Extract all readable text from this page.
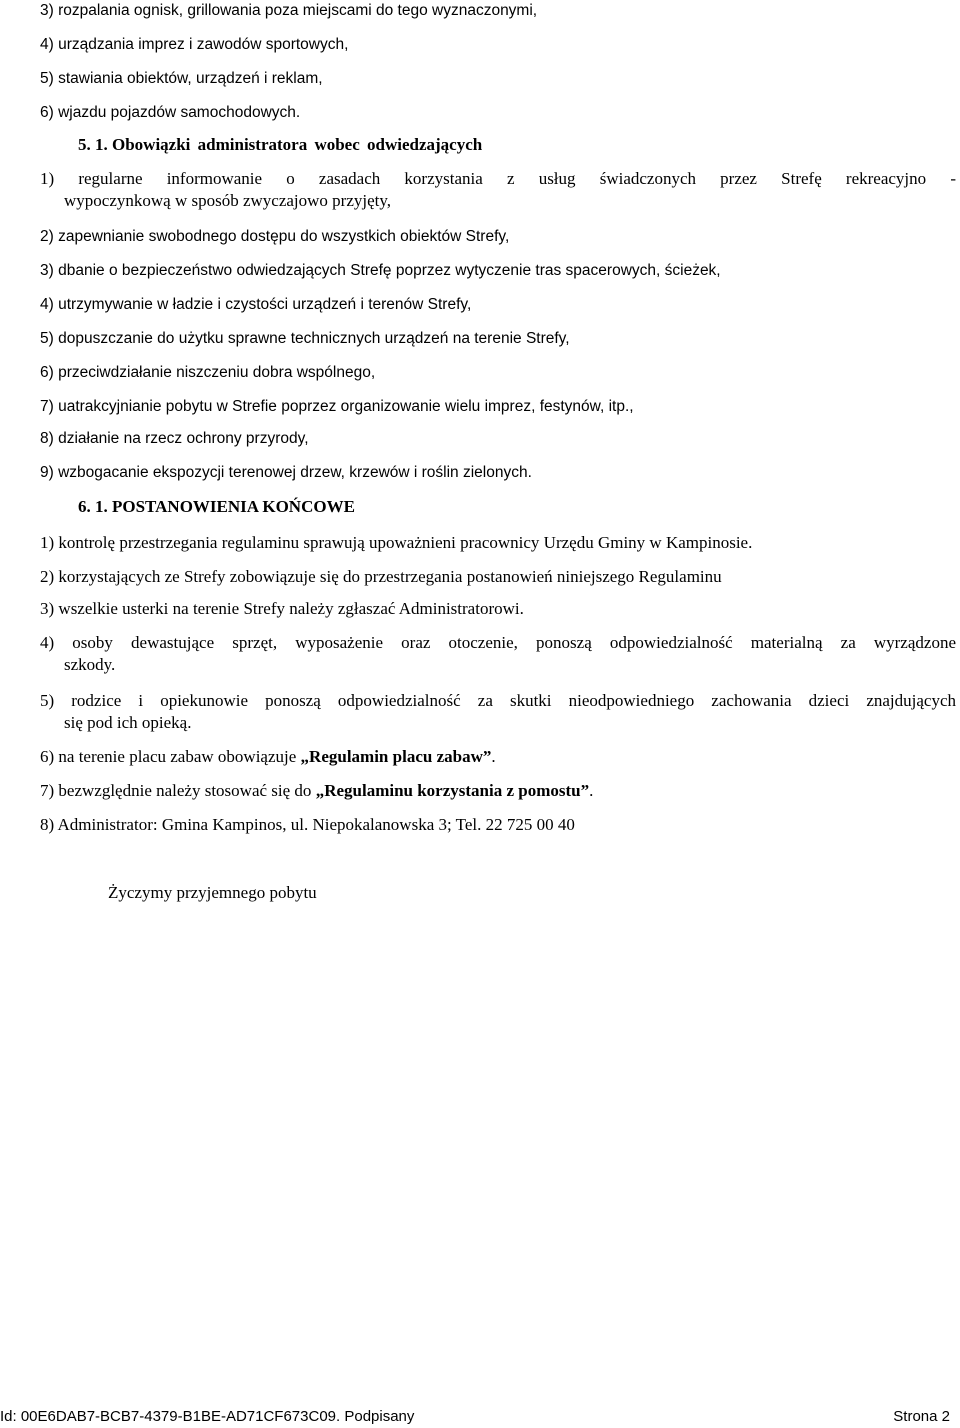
3) rozpalania ognisk, grillowania poza miejscami do tego wyznaczonymi,
4) urządzania imprez i zawodów sportowych,
5) stawiania obiektów, urządzeń i reklam,
6) wjazdu pojazdów samochodowych.
5. 1. Obowiązki administratora wobec odwiedzających
1) regularne informowanie o zasadach korzystania z usług świadczonych przez Strefę rekreacyjno -
wypoczynkową w sposób zwyczajowo przyjęty,
2) zapewnianie swobodnego dostępu do wszystkich obiektów Strefy,
3) dbanie o bezpieczeństwo odwiedzających Strefę poprzez wytyczenie tras spacerowych, ścieżek,
4) utrzymywanie w ładzie i czystości urządzeń i terenów Strefy,
5) dopuszczanie do użytku sprawne technicznych urządzeń na terenie Strefy,
6) przeciwdziałanie niszczeniu dobra wspólnego,
7) uatrakcyjnianie pobytu w Strefie poprzez organizowanie wielu imprez, festynów, itp.,
8) działanie na rzecz ochrony przyrody,
9) wzbogacanie ekspozycji terenowej drzew, krzewów i roślin zielonych.
6. 1. POSTANOWIENIA KOŃCOWE
1) kontrolę przestrzegania regulaminu sprawują upoważnieni pracownicy Urzędu Gminy w Kampinosie.
2) korzystających ze Strefy zobowiązuje się do przestrzegania postanowień niniejszego Regulaminu
3) wszelkie usterki na terenie Strefy należy zgłaszać Administratorowi.
4) osoby dewastujące sprzęt, wyposażenie oraz otoczenie, ponoszą odpowiedzialność materialną za wyrządzone
szkody.
5) rodzice i opiekunowie ponoszą odpowiedzialność za skutki nieodpowiedniego zachowania dzieci znajdujących
się pod ich opieką.
6) na terenie placu zabaw obowiązuje „Regulamin placu zabaw”.
7) bezwzględnie należy stosować się do „Regulaminu korzystania z pomostu”.
8) Administrator: Gmina Kampinos, ul. Niepokalanowska 3; Tel. 22 725 00 40
Życzymy przyjemnego pobytu
Id: 00E6DAB7-BCB7-4379-B1BE-AD71CF673C09. Podpisany	Strona 2
